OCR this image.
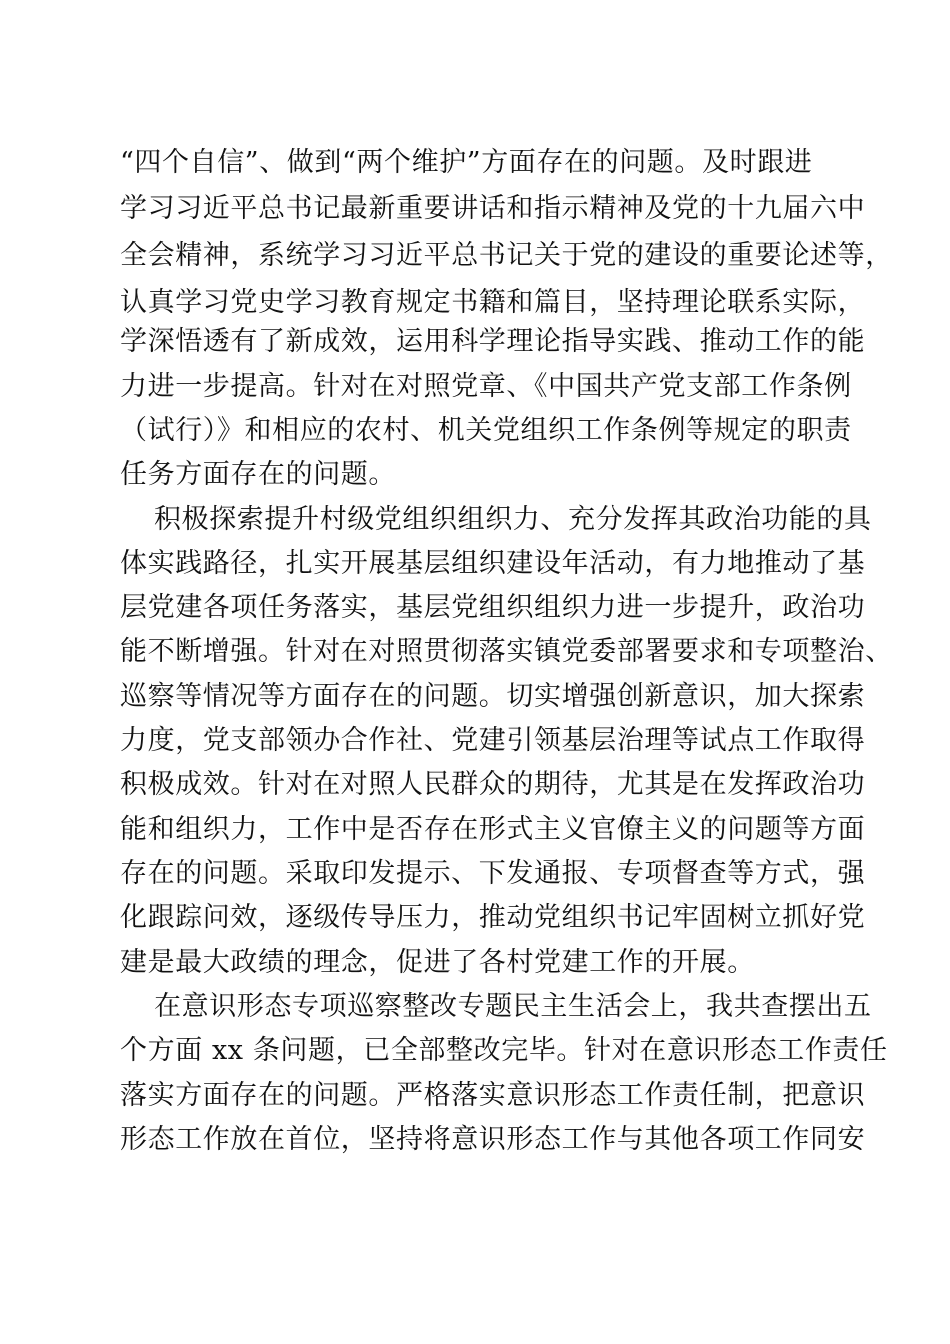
“四个自信”、做到“两个维护”方面存在的问题。及时跟进
学习习近平总书记最新重要讲话和指示精神及党的十九届六中
全会精神，系统学习习近平总书记关于党的建设的重要论述等，
认真学习党史学习教育规定书籍和篇目，坚持理论联系实际，
学深悟透有了新成效，运用科学理论指导实践、推动工作的能
力进一步提高。针对在对照党章、《中国共产党支部工作条例
（试行）》和相应的农村、机关党组织工作条例等规定的职责
任务方面存在的问题。
积极探索提升村级党组织组织力、充分发挥其政治功能的具
体实践路径，扎实开展基层组织建设年活动，有力地推动了基
层党建各项任务落实，基层党组织组织力进一步提升，政治功
能不断增强。针对在对照贯彻落实镇党委部署要求和专项整治、
巡察等情况等方面存在的问题。切实增强创新意识，加大探索
力度，党支部领办合作社、党建引领基层治理等试点工作取得
积极成效。针对在对照人民群众的期待，尤其是在发挥政治功
能和组织力，工作中是否存在形式主义官僚主义的问题等方面
存在的问题。采取印发提示、下发通报、专项督查等方式，强
化跟踪问效，逐级传导压力，推动党组织书记牢固树立抓好党
建是最大政绩的理念，促进了各村党建工作的开展。
在意识形态专项巡察整改专题民主生活会上，我共查摆出五
个方面 xx 条问题，已全部整改完毕。针对在意识形态工作责任
落实方面存在的问题。严格落实意识形态工作责任制，把意识
形态工作放在首位，坚持将意识形态工作与其他各项工作同安
